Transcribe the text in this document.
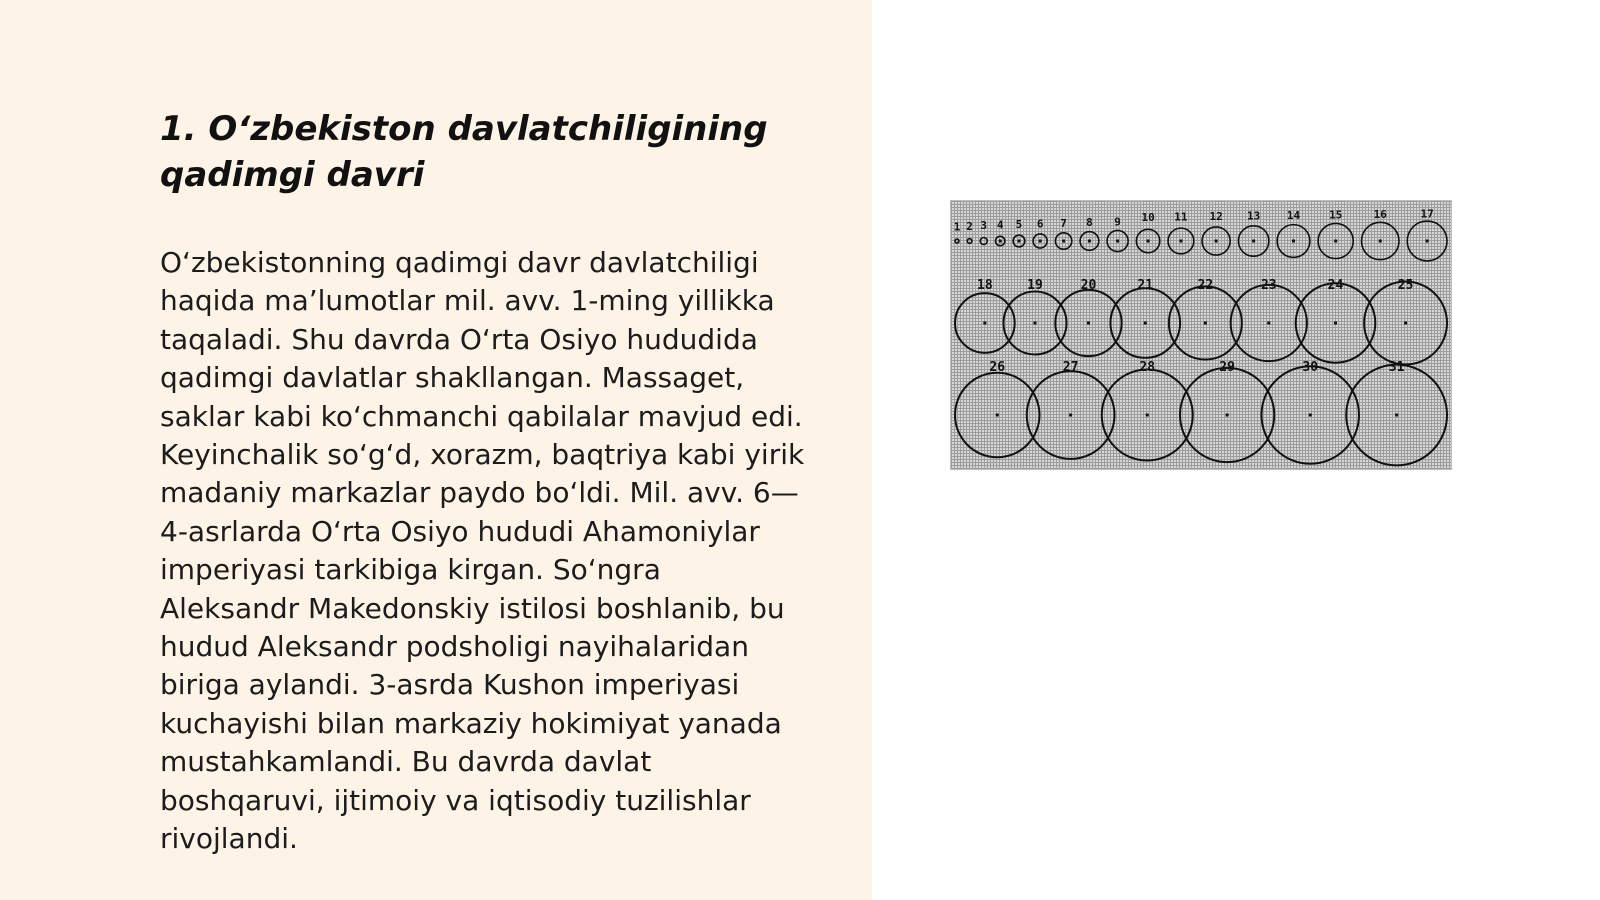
1. O‘zbekiston davlatchiligining
qadimgi davri
O‘zbekistonning qadimgi davr davlatchiligi
haqida ma’lumotlar mil. avv. 1-ming yillikka
taqaladi. Shu davrda O‘rta Osiyo hududida
qadimgi davlatlar shakllangan. Massaget,
saklar kabi ko‘chmanchi qabilalar mavjud edi.
Keyinchalik so‘g‘d, xorazm, baqtriya kabi yirik
madaniy markazlar paydo bo‘ldi. Mil. avv. 6—
4-asrlarda O‘rta Osiyo hududi Ahamoniylar
imperiyasi tarkibiga kirgan. So‘ngra
Aleksandr Makedonskiy istilosi boshlanib, bu
hudud Aleksandr podsholigi nayihalaridan
biriga aylandi. 3-asrda Kushon imperiyasi
kuchayishi bilan markaziy hokimiyat yanada
mustahkamlandi. Bu davrda davlat
boshqaruvi, ijtimoiy va iqtisodiy tuzilishlar
rivojlandi.
1 2 3 4 5 6 7 8 9 10 11 12 13 14	15	16	17
18	19	20	21	22	23	24	25
26	27	28	29	30	31
